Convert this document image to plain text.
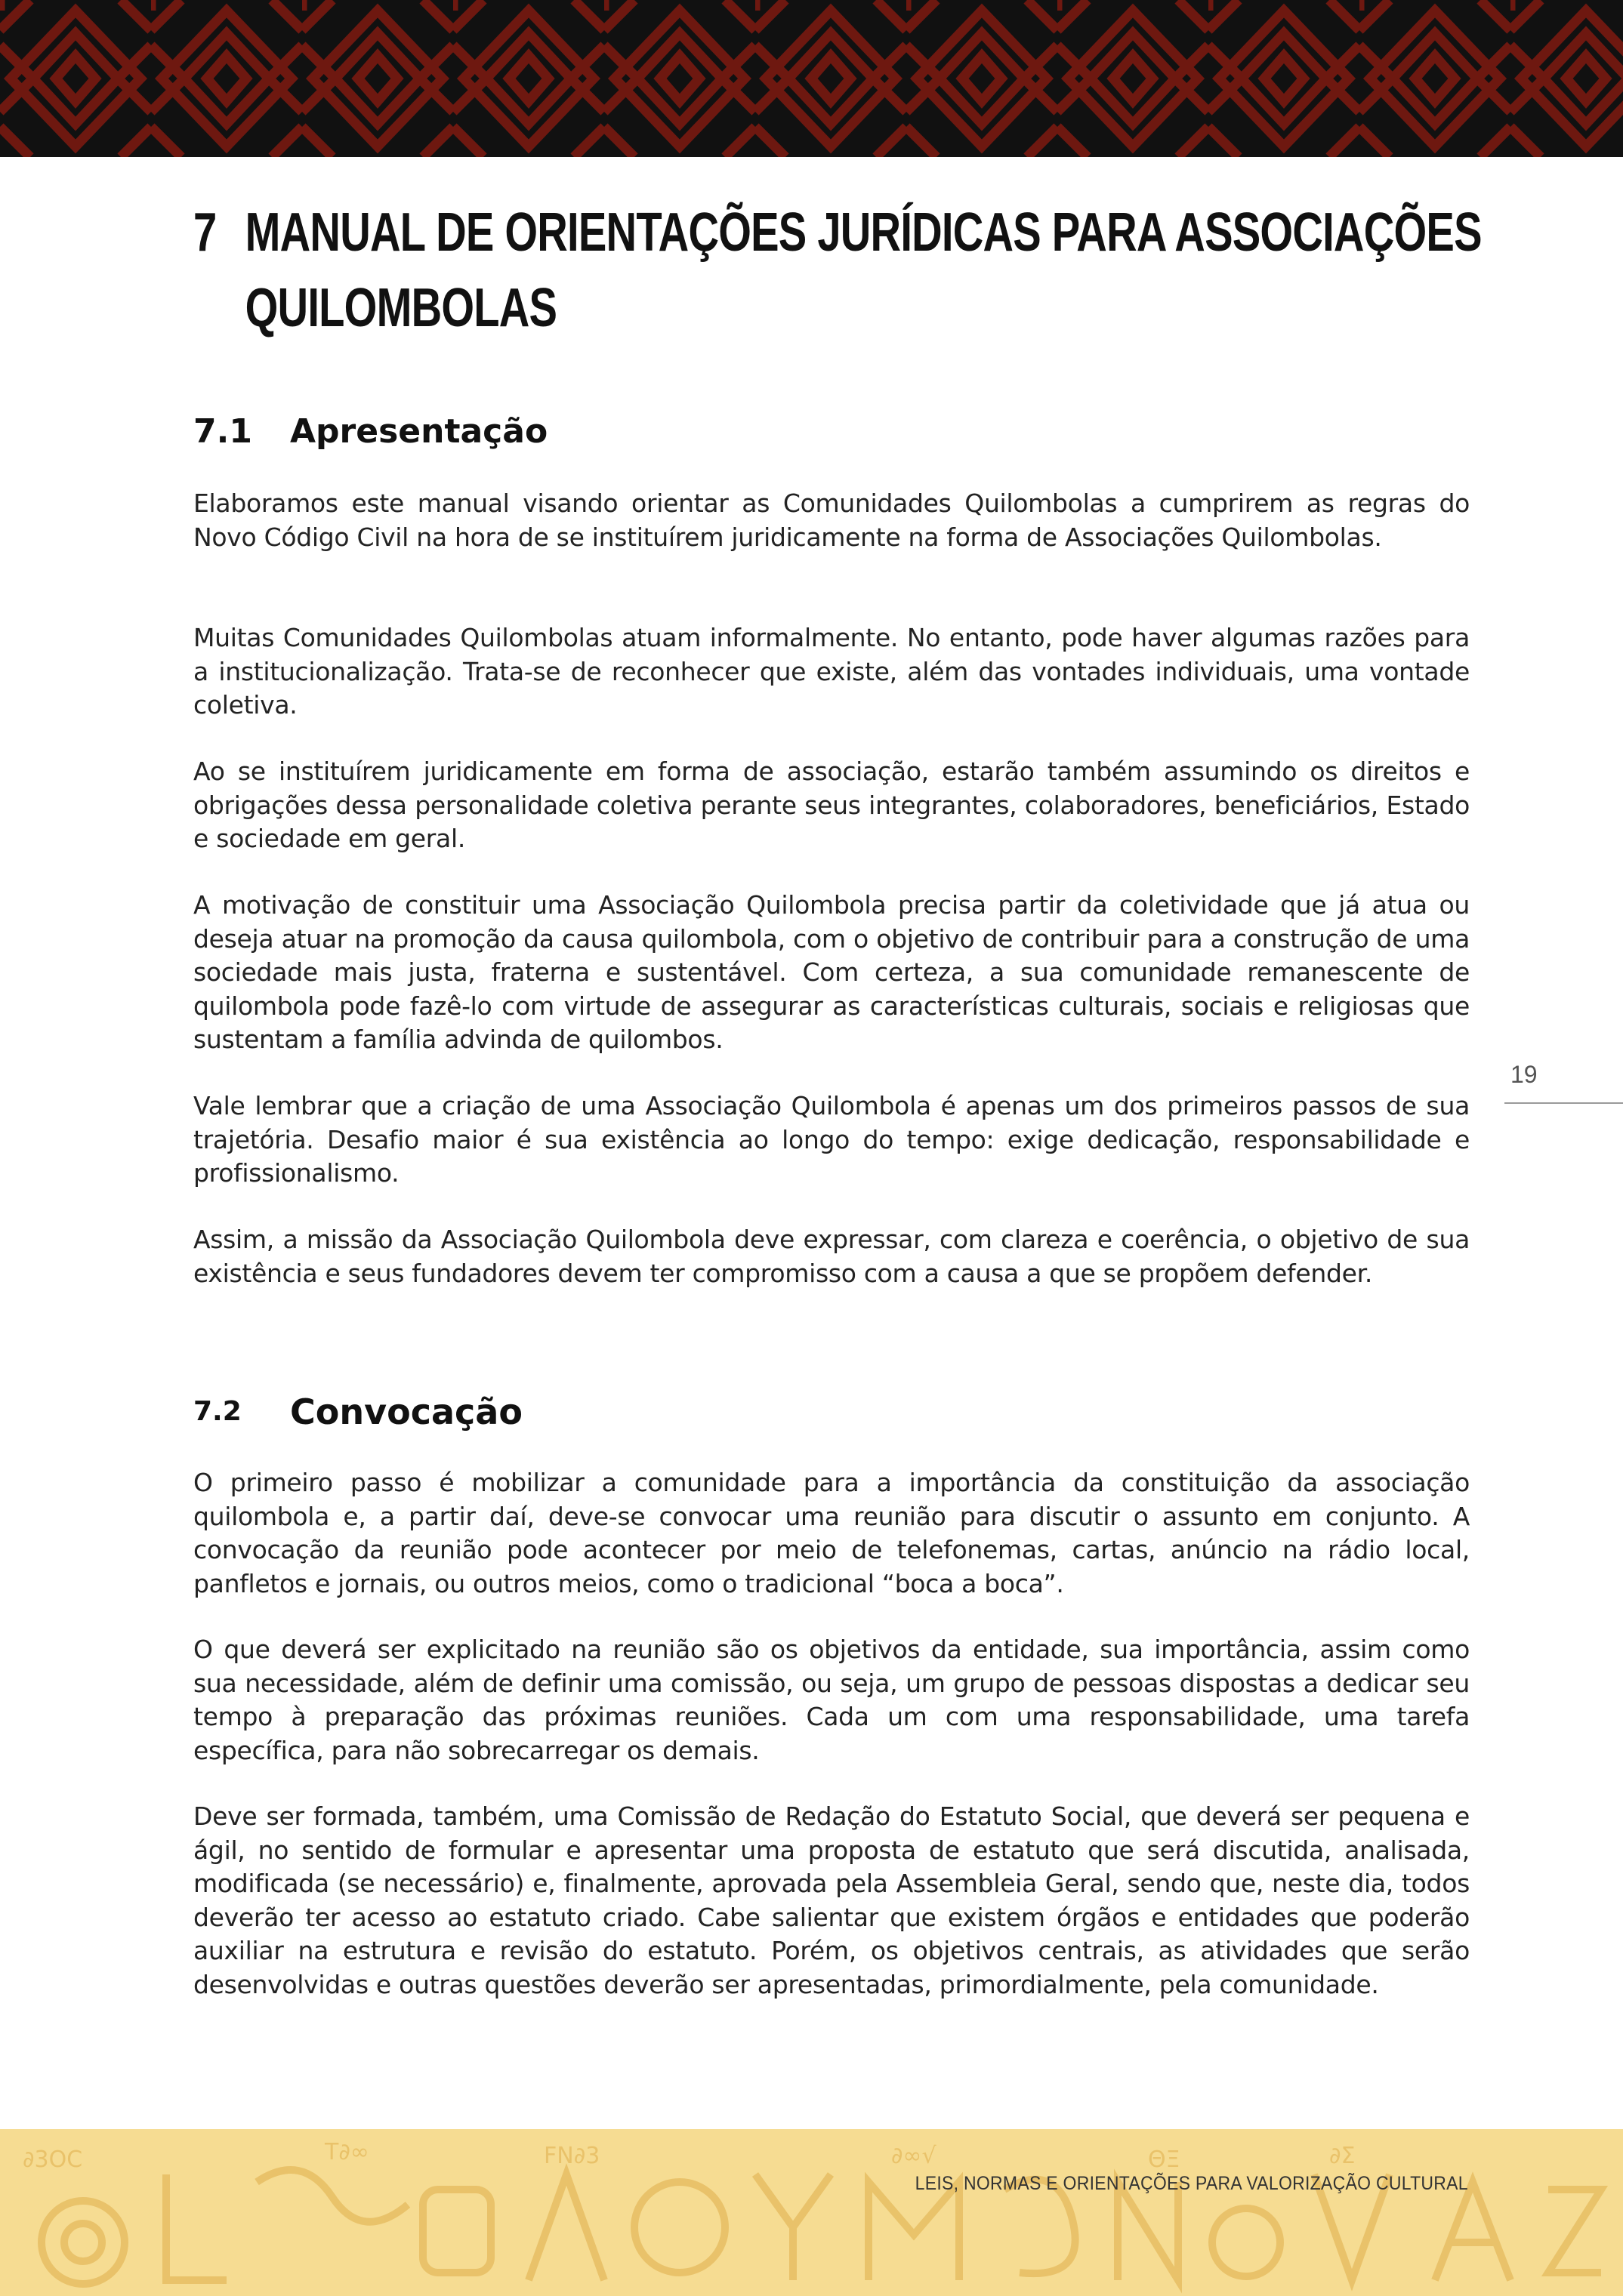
7 MANUAL DE ORIENTAÇÕES JURÍDICAS PARA ASSOCIAÇÕES
QUILOMBOLAS
7.1 Apresentação

Elaboramos este manual visando orientar as Comunidades Quilombolas a cumprirem as regras do Novo Código Civil na hora de se instituírem juridicamente na forma de Associações Quilombolas.

Muitas Comunidades Quilombolas atuam informalmente. No entanto, pode haver algumas razões para a institucionalização. Trata-se de reconhecer que existe, além das vontades individuais, uma vontade coletiva.

Ao se instituírem juridicamente em forma de associação, estarão também assumindo os direitos e obrigações dessa personalidade coletiva perante seus integrantes, colaboradores, beneficiários, Estado e sociedade em geral.

A motivação de constituir uma Associação Quilombola precisa partir da coletividade que já atua ou deseja atuar na promoção da causa quilombola, com o objetivo de contribuir para a construção de uma sociedade mais justa, fraterna e sustentável. Com certeza, a sua comunidade remanescente de quilombola pode fazê-lo com virtude de assegurar as características culturais, sociais e religiosas que sustentam a família advinda de quilombos.

Vale lembrar que a criação de uma Associação Quilombola é apenas um dos primeiros passos de sua trajetória. Desafio maior é sua existência ao longo do tempo: exige dedicação, responsabilidade e profissionalismo.

Assim, a missão da Associação Quilombola deve expressar, com clareza e coerência, o objetivo de sua existência e seus fundadores devem ter compromisso com a causa a que se propõem defender.

7.2 Convocação

O primeiro passo é mobilizar a comunidade para a importância da constituição da associação quilombola e, a partir daí, deve-se convocar uma reunião para discutir o assunto em conjunto. A convocação da reunião pode acontecer por meio de telefonemas, cartas, anúncio na rádio local, panfletos e jornais, ou outros meios, como o tradicional “boca a boca”.

O que deverá ser explicitado na reunião são os objetivos da entidade, sua importância, assim como sua necessidade, além de definir uma comissão, ou seja, um grupo de pessoas dispostas a dedicar seu tempo à preparação das próximas reuniões. Cada um com uma responsabilidade, uma tarefa específica, para não sobrecarregar os demais.

Deve ser formada, também, uma Comissão de Redação do Estatuto Social, que deverá ser pequena e ágil, no sentido de formular e apresentar uma proposta de estatuto que será discutida, analisada, modificada (se necessário) e, finalmente, aprovada pela Assembleia Geral, sendo que, neste dia, todos deverão ter acesso ao estatuto criado. Cabe salientar que existem órgãos e entidades que poderão auxiliar na estrutura e revisão do estatuto. Porém, os objetivos centrais, as atividades que serão desenvolvidas e outras questões deverão ser apresentadas, primordialmente, pela comunidade.

19
∂3OC	T∂∞	FN∂3	∂∞√	ΘΞ	∂Σ
LEIS, NORMAS E ORIENTAÇÕES PARA VALORIZAÇÃO CULTURAL
